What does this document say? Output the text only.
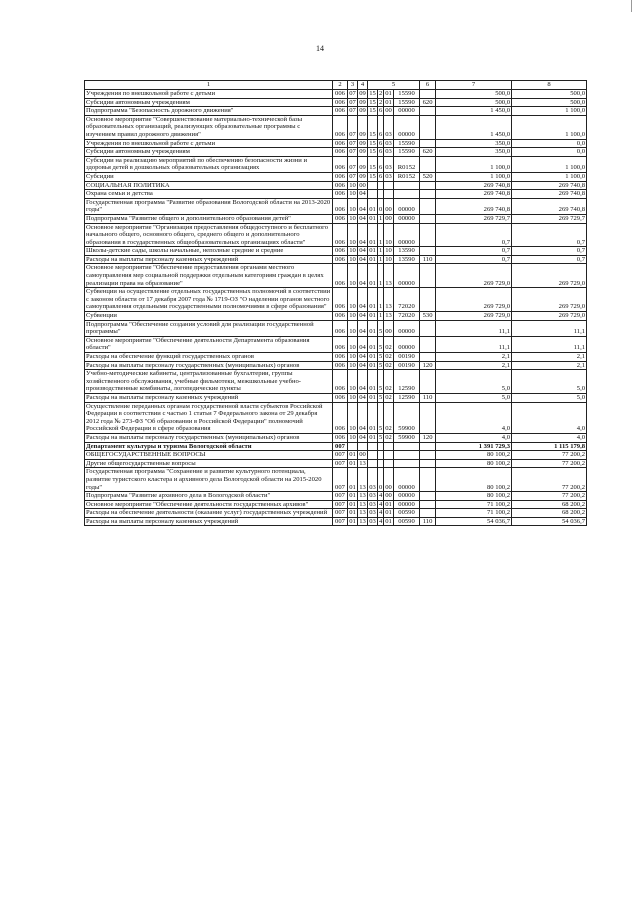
14
1	2	3	4	5				6	7	8
Учреждения по внешкольной работе с детьми	006	07	09	15	2	01	15590		500,0	500,0
Субсидии автономным учреждениям	006	07	09	15	2	01	15590	620	500,0	500,0
Подпрограмма "Безопасность дорожного движения"	006	07	09	15	6	00	00000		1 450,0	1 100,0
Основное мероприятие "Совершенствование материально-технической базы образовательных организаций, реализующих образовательные программы с изучением правил дорожного движения"	006	07	09	15	6	03	00000		1 450,0	1 100,0
Учреждения по внешкольной работе с детьми	006	07	09	15	6	03	15590		350,0	0,0
Субсидии автономным учреждениям	006	07	09	15	6	03	15590	620	350,0	0,0
Субсидии на реализацию мероприятий по обеспечению безопасности жизни и здоровья детей в дошкольных образовательных организациях	006	07	09	15	6	03	R0152		1 100,0	1 100,0
Субсидии	006	07	09	15	6	03	R0152	520	1 100,0	1 100,0
СОЦИАЛЬНАЯ ПОЛИТИКА	006	10	00						269 740,8	269 740,8
Охрана семьи и детства	006	10	04						269 740,8	269 740,8
Государственная программа "Развитие образования Вологодской области на 2013-2020 годы"	006	10	04	01	0	00	00000		269 740,8	269 740,8
Подпрограмма "Развитие общего и дополнительного образования детей"	006	10	04	01	1	00	00000		269 729,7	269 729,7
Основное мероприятие "Организация предоставления общедоступного и бесплатного начального общего, основного общего, среднего общего и дополнительного образования в государственных общеобразовательных организациях области"	006	10	04	01	1	10	00000		0,7	0,7
Школы-детские сады, школы начальные, неполные средние и средние	006	10	04	01	1	10	13590		0,7	0,7
Расходы на выплаты персоналу казенных учреждений	006	10	04	01	1	10	13590	110	0,7	0,7
Основное мероприятие "Обеспечение предоставления органами местного самоуправления мер социальной поддержки отдельным категориям граждан в целях реализации права на образование"	006	10	04	01	1	13	00000		269 729,0	269 729,0
Субвенции на осуществление отдельных государственных полномочий в соответствии с законом области от 17 декабря 2007 года № 1719-ОЗ "О наделении органов местного самоуправления отдельными государственными полномочиями в сфере образования"	006	10	04	01	1	13	72020		269 729,0	269 729,0
Субвенции	006	10	04	01	1	13	72020	530	269 729,0	269 729,0
Подпрограмма "Обеспечение создания условий для реализации государственной программы"	006	10	04	01	5	00	00000		11,1	11,1
Основное мероприятие "Обеспечение деятельности Департамента образования области"	006	10	04	01	5	02	00000		11,1	11,1
Расходы на обеспечение функций государственных органов	006	10	04	01	5	02	00190		2,1	2,1
Расходы на выплаты персоналу государственных (муниципальных) органов	006	10	04	01	5	02	00190	120	2,1	2,1
Учебно-методические кабинеты, централизованные бухгалтерии, группы хозяйственного обслуживания, учебные фильмотеки, межшкольные учебно-производственные комбинаты, логопедические пункты	006	10	04	01	5	02	12590		5,0	5,0
Расходы на выплаты персоналу казенных учреждений	006	10	04	01	5	02	12590	110	5,0	5,0
Осуществление переданных органам государственной власти субъектов Российской Федерации в соответствии с частью 1 статьи 7 Федерального закона от 29 декабря 2012 года № 273-ФЗ "Об образовании в Российской Федерации" полномочий Российской Федерации в сфере образования	006	10	04	01	5	02	59900		4,0	4,0
Расходы на выплаты персоналу государственных (муниципальных) органов	006	10	04	01	5	02	59900	120	4,0	4,0
Департамент культуры и туризма Вологодской области	007								1 391 729,3	1 115 179,8
ОБЩЕГОСУДАРСТВЕННЫЕ ВОПРОСЫ	007	01	00						80 100,2	77 200,2
Другие общегосударственные вопросы	007	01	13						80 100,2	77 200,2
Государственная программа "Сохранение и развитие культурного потенциала, развитие туристского кластера и архивного дела Вологодской области на 2015-2020 годы"	007	01	13	03	0	00	00000		80 100,2	77 200,2
Подпрограмма "Развитие архивного дела в Вологодской области"	007	01	13	03	4	00	00000		80 100,2	77 200,2
Основное мероприятие "Обеспечение деятельности государственных архивов"	007	01	13	03	4	01	00000		71 100,2	68 200,2
Расходы на обеспечение деятельности (оказание услуг) государственных учреждений	007	01	13	03	4	01	00590		71 100,2	68 200,2
Расходы на выплаты персоналу казенных учреждений	007	01	13	03	4	01	00590	110	54 036,7	54 036,7
